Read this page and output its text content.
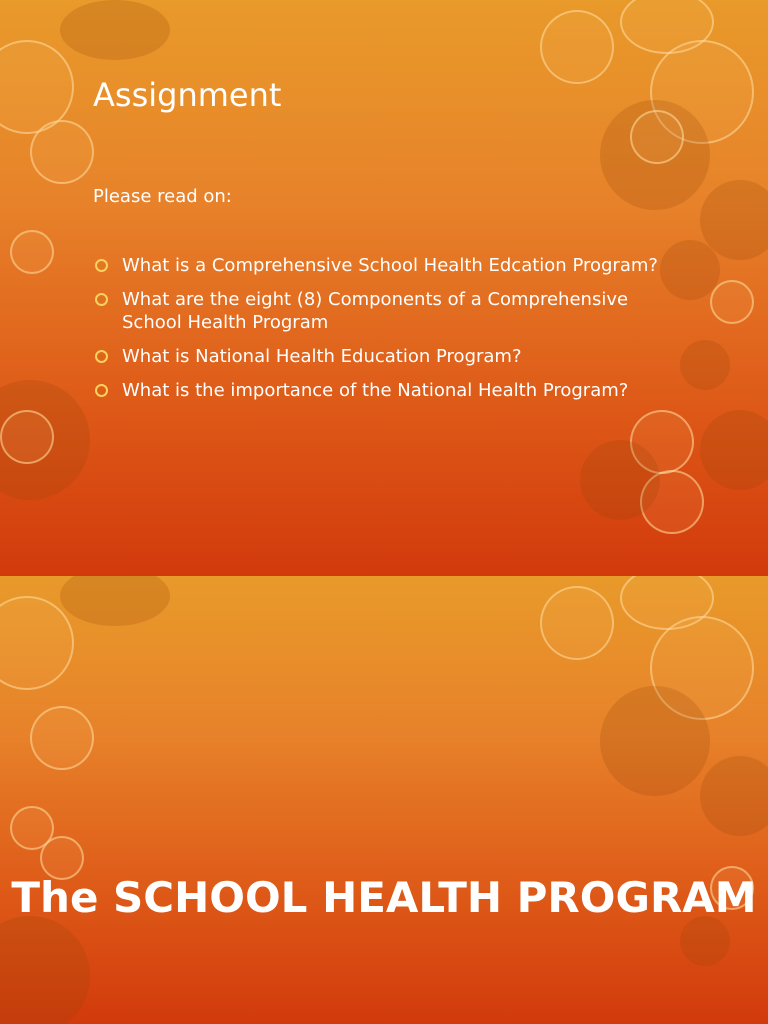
Assignment

Please read on:

What is a Comprehensive School Health Edcation Program?
What are the eight (8) Components of a Comprehensive School Health Program
What is National Health Education Program?
What is the importance of the National Health Program?
The SCHOOL HEALTH PROGRAM
